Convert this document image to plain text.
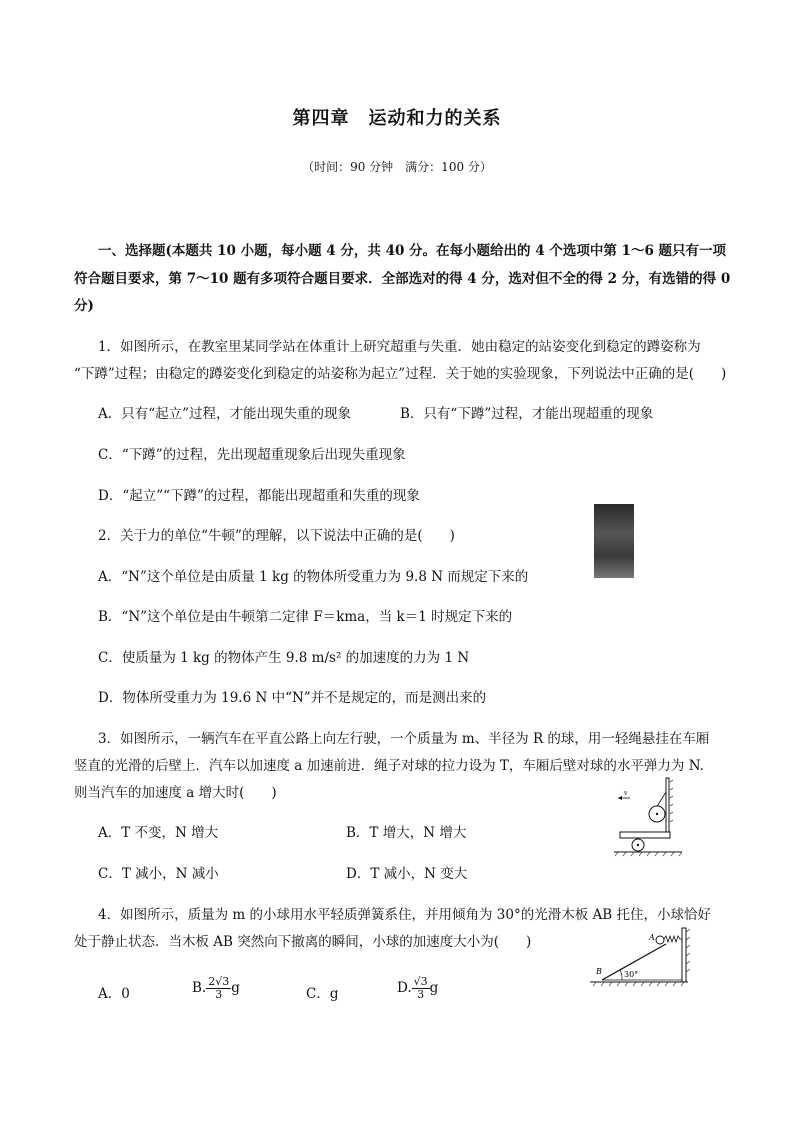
第四章　运动和力的关系
（时间：90 分钟　满分：100 分）
一、选择题(本题共 10 小题，每小题 4 分，共 40 分。在每小题给出的 4 个选项中第 1～6 题只有一项
符合题目要求，第 7～10 题有多项符合题目要求．全部选对的得 4 分，选对但不全的得 2 分，有选错的得 0
分)
1．如图所示，在教室里某同学站在体重计上研究超重与失重．她由稳定的站姿变化到稳定的蹲姿称为
“下蹲”过程；由稳定的蹲姿变化到稳定的站姿称为起立”过程．关于她的实验现象，下列说法中正确的是(　　)
A．只有“起立”过程，才能出现失重的现象	B．只有“下蹲”过程，才能出现超重的现象
C．“下蹲”的过程，先出现超重现象后出现失重现象
D．“起立”“下蹲”的过程，都能出现超重和失重的现象
2．关于力的单位“牛顿”的理解，以下说法中正确的是(　　)
A．“N”这个单位是由质量 1 kg 的物体所受重力为 9.8 N 而规定下来的
B．“N”这个单位是由牛顿第二定律 F＝kma，当 k＝1 时规定下来的
C．使质量为 1 kg 的物体产生 9.8 m/s² 的加速度的力为 1 N
D．物体所受重力为 19.6 N 中“N”并不是规定的，而是测出来的
3．如图所示，一辆汽车在平直公路上向左行驶，一个质量为 m、半径为 R 的球，用一轻绳悬挂在车厢
竖直的光滑的后壁上．汽车以加速度 a 加速前进．绳子对球的拉力设为 T，车厢后壁对球的水平弹力为 N.
则当汽车的加速度 a 增大时(　　)
A．T 不变，N 增大	B．T 增大，N 增大
C．T 减小，N 减小	D．T 减小，N 变大
v
4．如图所示，质量为 m 的小球用水平轻质弹簧系住，并用倾角为 30°的光滑木板 AB 托住，小球恰好
处于静止状态．当木板 AB 突然向下撤离的瞬间，小球的加速度大小为(　　)
A．0	B. $\frac{2√3}{3}$ g	C．g	D. $\frac{√3}{3}$ g
30°
A
B
